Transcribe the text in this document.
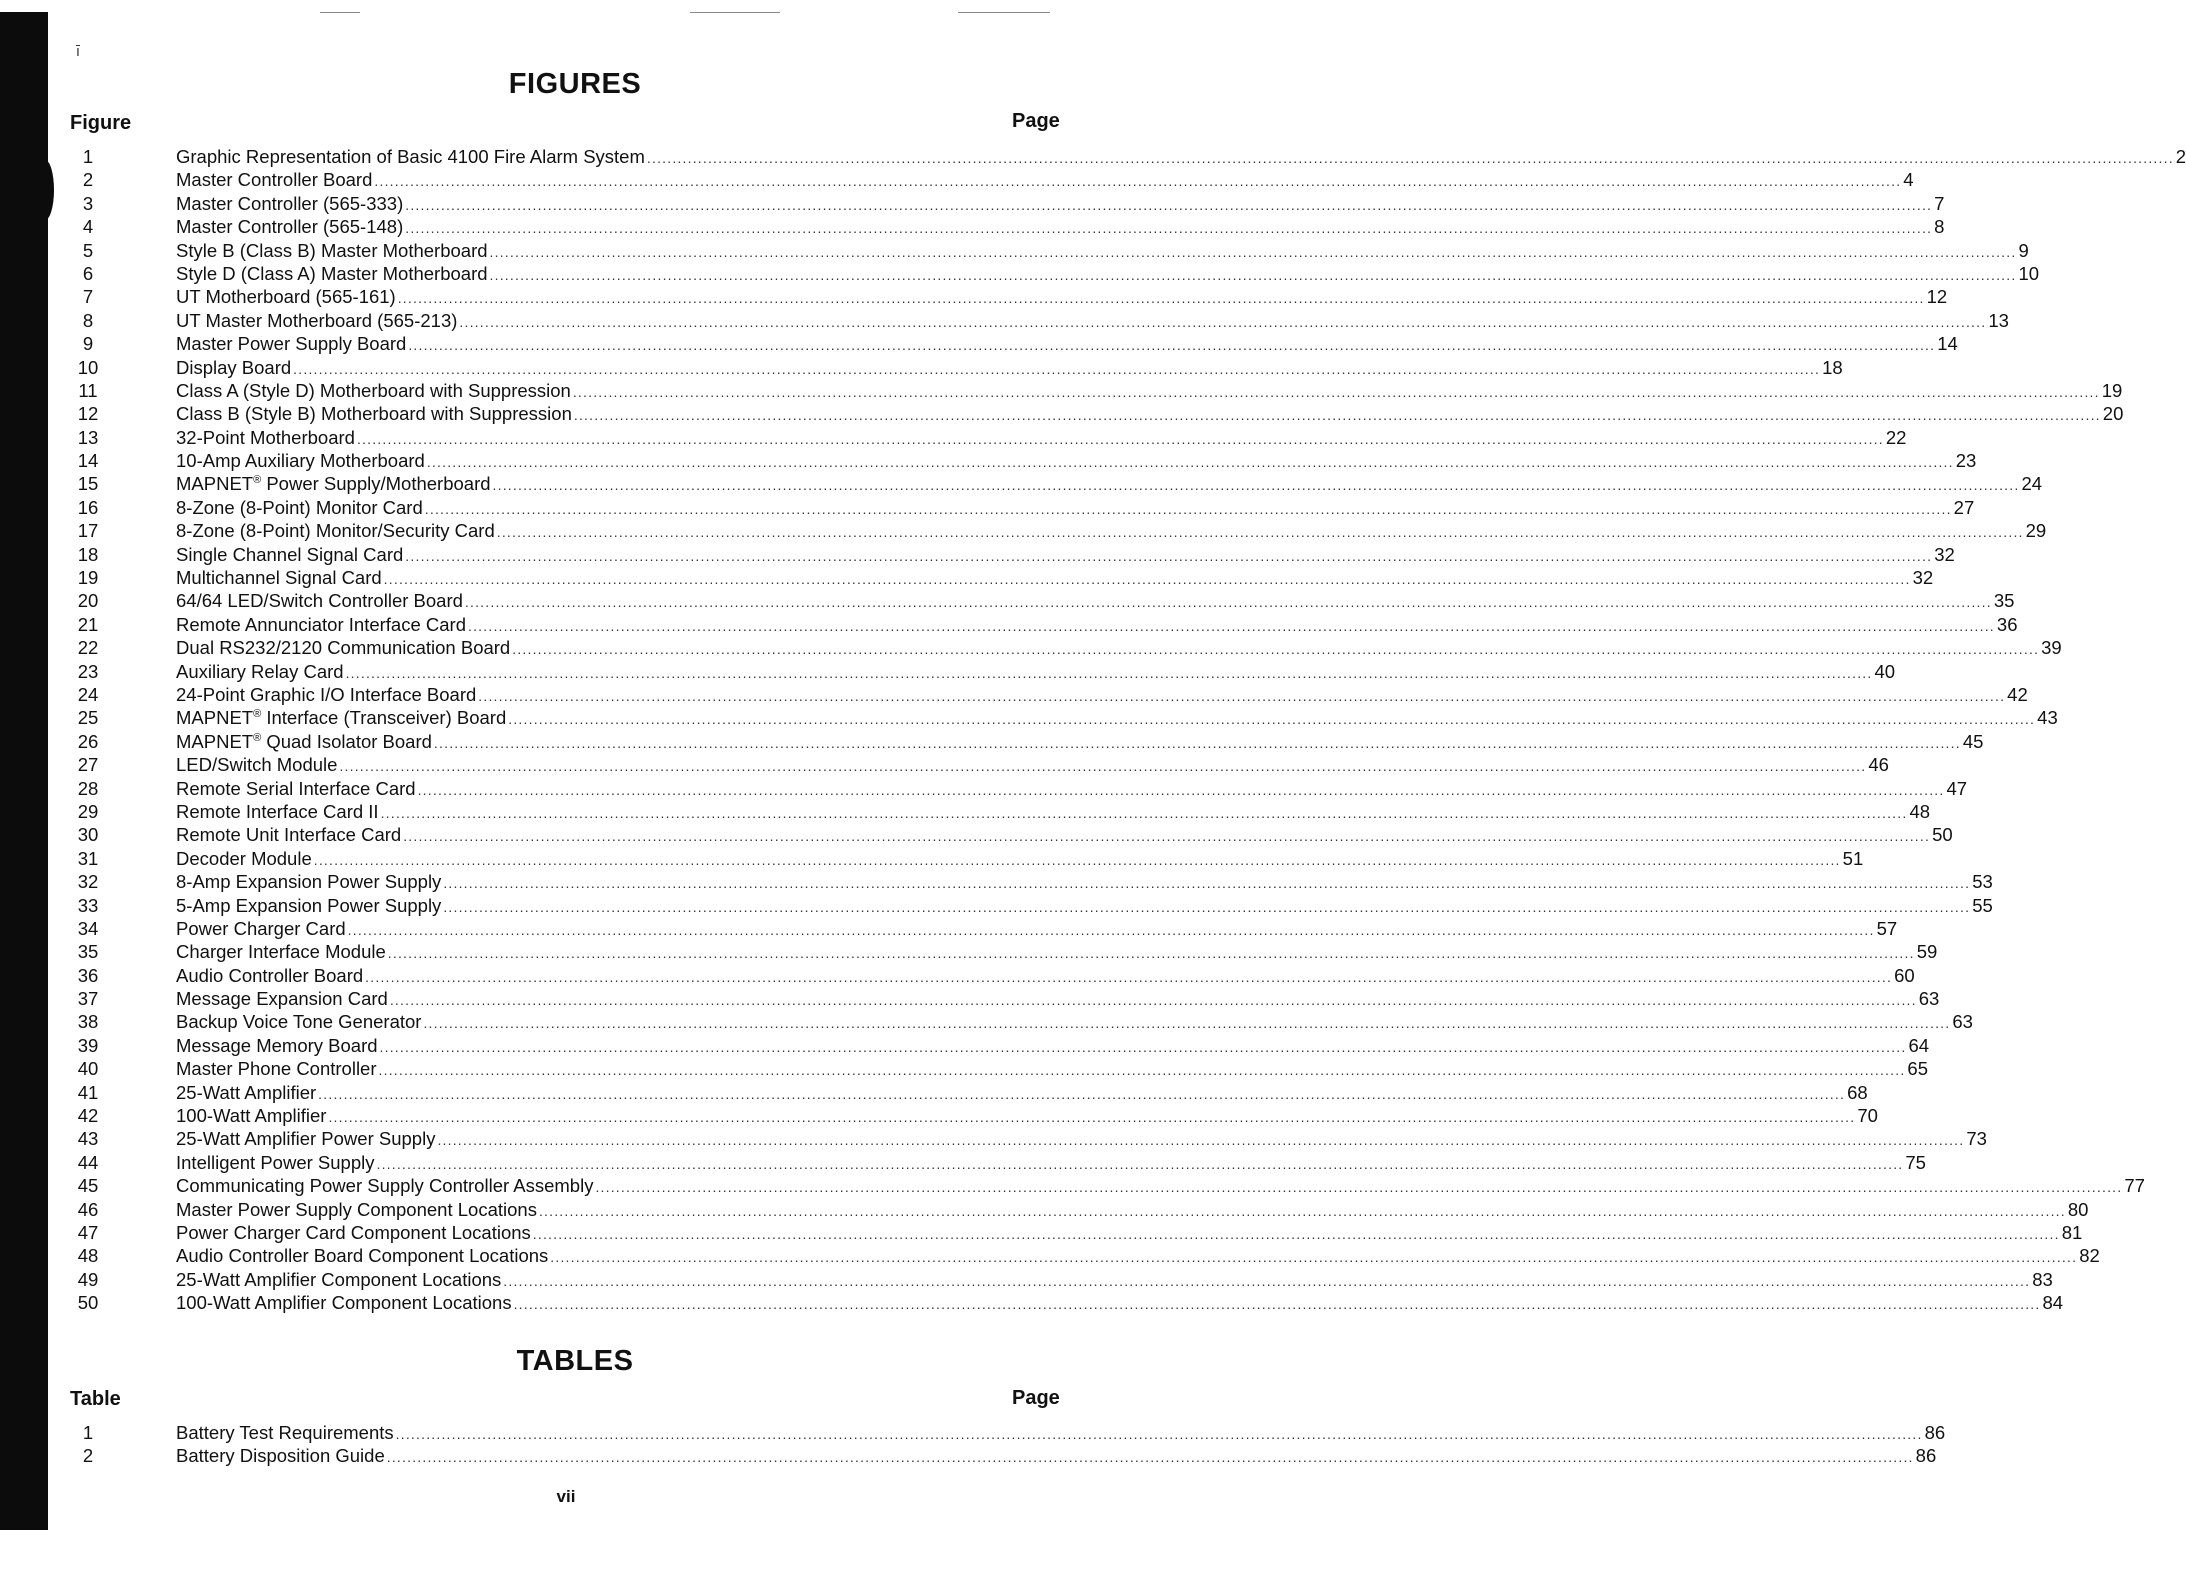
ī
FIGURES
Figure	Page
1	Graphic Representation of Basic 4100 Fire Alarm System ............................................................................................................................................................................................................................................................................................................ 2
2	Master Controller Board ............................................................................................................................................................................................................................................................................................................ 4
3	Master Controller (565-333) ............................................................................................................................................................................................................................................................................................................ 7
4	Master Controller (565-148) ............................................................................................................................................................................................................................................................................................................ 8
5	Style B (Class B) Master Motherboard ............................................................................................................................................................................................................................................................................................................ 9
6	Style D (Class A) Master Motherboard ............................................................................................................................................................................................................................................................................................................ 10
7	UT Motherboard (565-161) ............................................................................................................................................................................................................................................................................................................ 12
8	UT Master Motherboard (565-213) ............................................................................................................................................................................................................................................................................................................ 13
9	Master Power Supply Board ............................................................................................................................................................................................................................................................................................................ 14
10	Display Board ............................................................................................................................................................................................................................................................................................................ 18
11	Class A (Style D) Motherboard with Suppression ............................................................................................................................................................................................................................................................................................................ 19
12	Class B (Style B) Motherboard with Suppression ............................................................................................................................................................................................................................................................................................................ 20
13	32-Point Motherboard ............................................................................................................................................................................................................................................................................................................ 22
14	10-Amp Auxiliary Motherboard ............................................................................................................................................................................................................................................................................................................ 23
15	MAPNET® Power Supply/Motherboard ............................................................................................................................................................................................................................................................................................................ 24
16	8-Zone (8-Point) Monitor Card ............................................................................................................................................................................................................................................................................................................ 27
17	8-Zone (8-Point) Monitor/Security Card ............................................................................................................................................................................................................................................................................................................ 29
18	Single Channel Signal Card ............................................................................................................................................................................................................................................................................................................ 32
19	Multichannel Signal Card ............................................................................................................................................................................................................................................................................................................ 32
20	64/64 LED/Switch Controller Board ............................................................................................................................................................................................................................................................................................................ 35
21	Remote Annunciator Interface Card ............................................................................................................................................................................................................................................................................................................ 36
22	Dual RS232/2120 Communication Board ............................................................................................................................................................................................................................................................................................................ 39
23	Auxiliary Relay Card ............................................................................................................................................................................................................................................................................................................ 40
24	24-Point Graphic I/O Interface Board ............................................................................................................................................................................................................................................................................................................ 42
25	MAPNET® Interface (Transceiver) Board ............................................................................................................................................................................................................................................................................................................ 43
26	MAPNET® Quad Isolator Board ............................................................................................................................................................................................................................................................................................................ 45
27	LED/Switch Module ............................................................................................................................................................................................................................................................................................................ 46
28	Remote Serial Interface Card ............................................................................................................................................................................................................................................................................................................ 47
29	Remote Interface Card II ............................................................................................................................................................................................................................................................................................................ 48
30	Remote Unit Interface Card ............................................................................................................................................................................................................................................................................................................ 50
31	Decoder Module ............................................................................................................................................................................................................................................................................................................ 51
32	8-Amp Expansion Power Supply ............................................................................................................................................................................................................................................................................................................ 53
33	5-Amp Expansion Power Supply ............................................................................................................................................................................................................................................................................................................ 55
34	Power Charger Card ............................................................................................................................................................................................................................................................................................................ 57
35	Charger Interface Module ............................................................................................................................................................................................................................................................................................................ 59
36	Audio Controller Board ............................................................................................................................................................................................................................................................................................................ 60
37	Message Expansion Card ............................................................................................................................................................................................................................................................................................................ 63
38	Backup Voice Tone Generator ............................................................................................................................................................................................................................................................................................................ 63
39	Message Memory Board ............................................................................................................................................................................................................................................................................................................ 64
40	Master Phone Controller ............................................................................................................................................................................................................................................................................................................ 65
41	25-Watt Amplifier ............................................................................................................................................................................................................................................................................................................ 68
42	100-Watt Amplifier ............................................................................................................................................................................................................................................................................................................ 70
43	25-Watt Amplifier Power Supply ............................................................................................................................................................................................................................................................................................................ 73
44	Intelligent Power Supply ............................................................................................................................................................................................................................................................................................................ 75
45	Communicating Power Supply Controller Assembly ............................................................................................................................................................................................................................................................................................................ 77
46	Master Power Supply Component Locations ............................................................................................................................................................................................................................................................................................................ 80
47	Power Charger Card Component Locations ............................................................................................................................................................................................................................................................................................................ 81
48	Audio Controller Board Component Locations ............................................................................................................................................................................................................................................................................................................ 82
49	25-Watt Amplifier Component Locations ............................................................................................................................................................................................................................................................................................................ 83
50	100-Watt Amplifier Component Locations ............................................................................................................................................................................................................................................................................................................ 84
TABLES
Table	Page
1	Battery Test Requirements ............................................................................................................................................................................................................................................................................................................ 86
2	Battery Disposition Guide ............................................................................................................................................................................................................................................................................................................ 86
vii
